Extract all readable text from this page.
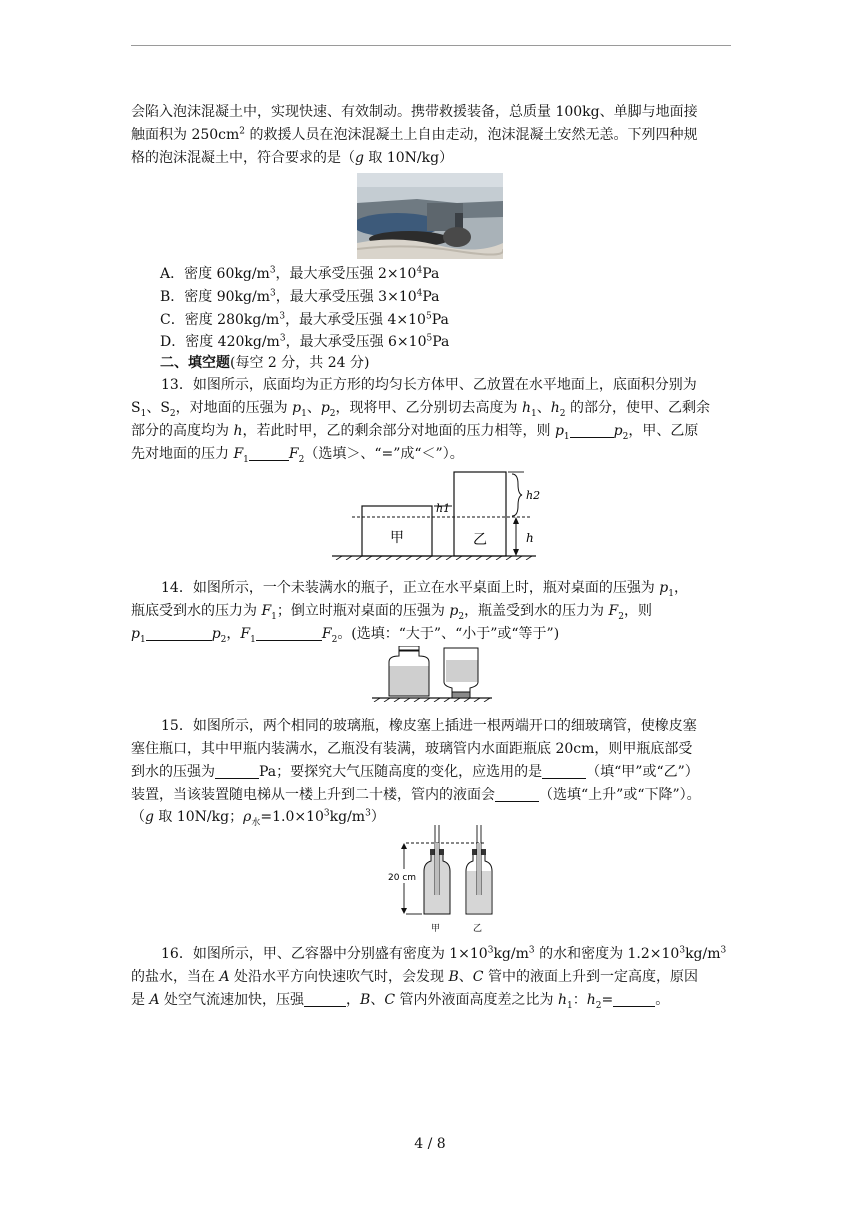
会陷入泡沫混凝土中，实现快速、有效制动。携带救援装备，总质量 100kg、单脚与地面接
触面积为 $250cm^2$ 的救援人员在泡沫混凝土上自由走动，泡沫混凝土安然无恙。下列四种规
格的泡沫混凝土中，符合要求的是（g 取 10N/kg）
A．密度 $60kg/m^3$，最大承受压强 $2\times 10^4Pa$
B．密度 $90kg/m^3$，最大承受压强 $3\times 10^4Pa$
C．密度 $280kg/m^3$，最大承受压强 $4\times 10^5Pa$
D．密度 $420kg/m^3$，最大承受压强 $6\times 10^5Pa$
二、填空题(每空 2 分，共 24 分)
13．如图所示，底面均为正方形的均匀长方体甲、乙放置在水平地面上，底面积分别为
$S_1$、$S_2$，对地面的压强为 $p_1$、$p_2$，现将甲、乙分别切去高度为 $h_1$、$h_2$ 的部分，使甲、乙剩余
部分的高度均为 h，若此时甲，乙的剩余部分对地面的压力相等，则 $p_1$	$p_2$，甲、乙原
先对地面的压力 $F_1$	$F_2$（选填＞、“=”成“＜”）。
甲	乙
h1
h2
h
14．如图所示，一个未装满水的瓶子，正立在水平桌面上时，瓶对桌面的压强为 $p_1$，
瓶底受到水的压力为 $F_1$；倒立时瓶对桌面的压强为 $p_2$，瓶盖受到水的压力为 $F_2$，则
$p_1$	$p_2$，$F_1$	$F_2$。(选填：“大于”、“小于”或“等于”)
15．如图所示，两个相同的玻璃瓶，橡皮塞上插进一根两端开口的细玻璃管，使橡皮塞
塞住瓶口，其中甲瓶内装满水，乙瓶没有装满，玻璃管内水面距瓶底 20cm，则甲瓶底部受
到水的压强为	Pa；要探究大气压随高度的变化，应选用的是	（填“甲”或“乙”）
装置，当该装置随电梯从一楼上升到二十楼，管内的液面会	（选填“上升”或“下降”）。
（g 取 10N/kg；$\rho_水=1.0\times 10^3kg/m^3$）
20 cm
甲	乙
16．如图所示，甲、乙容器中分别盛有密度为 $1\times 10^3kg/m^3$ 的水和密度为 $1.2\times 10^3kg/m^3$
的盐水，当在 A 处沿水平方向快速吹气时，会发现 B、C 管中的液面上升到一定高度，原因
是 A 处空气流速加快，压强	，B、C 管内外液面高度差之比为 $h_1$：$h_2=$	。
4 / 8
